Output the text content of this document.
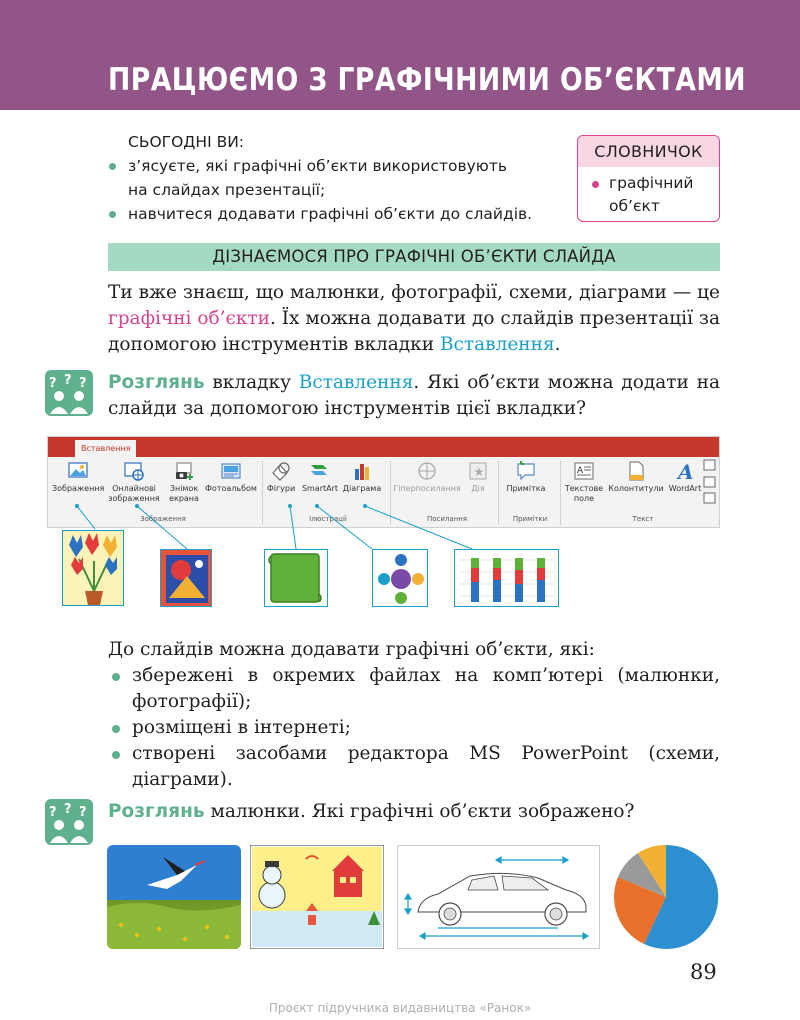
ПРАЦЮЄМО З ГРАФІЧНИМИ ОБ’ЄКТАМИ
СЬОГОДНІ ВИ:
з’ясуєте, які графічні об’єкти використовують
на слайдах презентації;
навчитеся додавати графічні об’єкти до слайдів.
СЛОВНИЧОК
графічний
об’єкт
ДІЗНАЄМОСЯ ПРО ГРАФІЧНІ ОБ’ЄКТИ СЛАЙДА
Ти вже знаєш, що малюнки, фотографії, схеми, діаграми — це графічні об’єкти. Їх можна додавати до слайдів презентації за допомогою інструментів вкладки Вставлення.
? ? ? Розглянь вкладку Вставлення. Які об’єкти можна додати на слайди за допомогою інструментів цієї вкладки?
Вставлення
Зображення Онлайнові
зображення
Знімок
екрана
Фотоальбом	Фігури SmartArt Діаграма Гіперпосилання
★
Дія	Примітка
A
Текстове
поле
Колонтитули
A
WordArt
Зображення	Ілюстрації	Посилання	Примітки	Текст
До слайдів можна додавати графічні об’єкти, які:
збережені в окремих файлах на комп’ютері (малюнки, фотографії);
розміщені в інтернеті;
створені засобами редактора MS PowerPoint (схеми, діаграми).
? ? ? Розглянь малюнки. Які графічні об’єкти зображено?
89
Проєкт підручника видавництва «Ранок»
